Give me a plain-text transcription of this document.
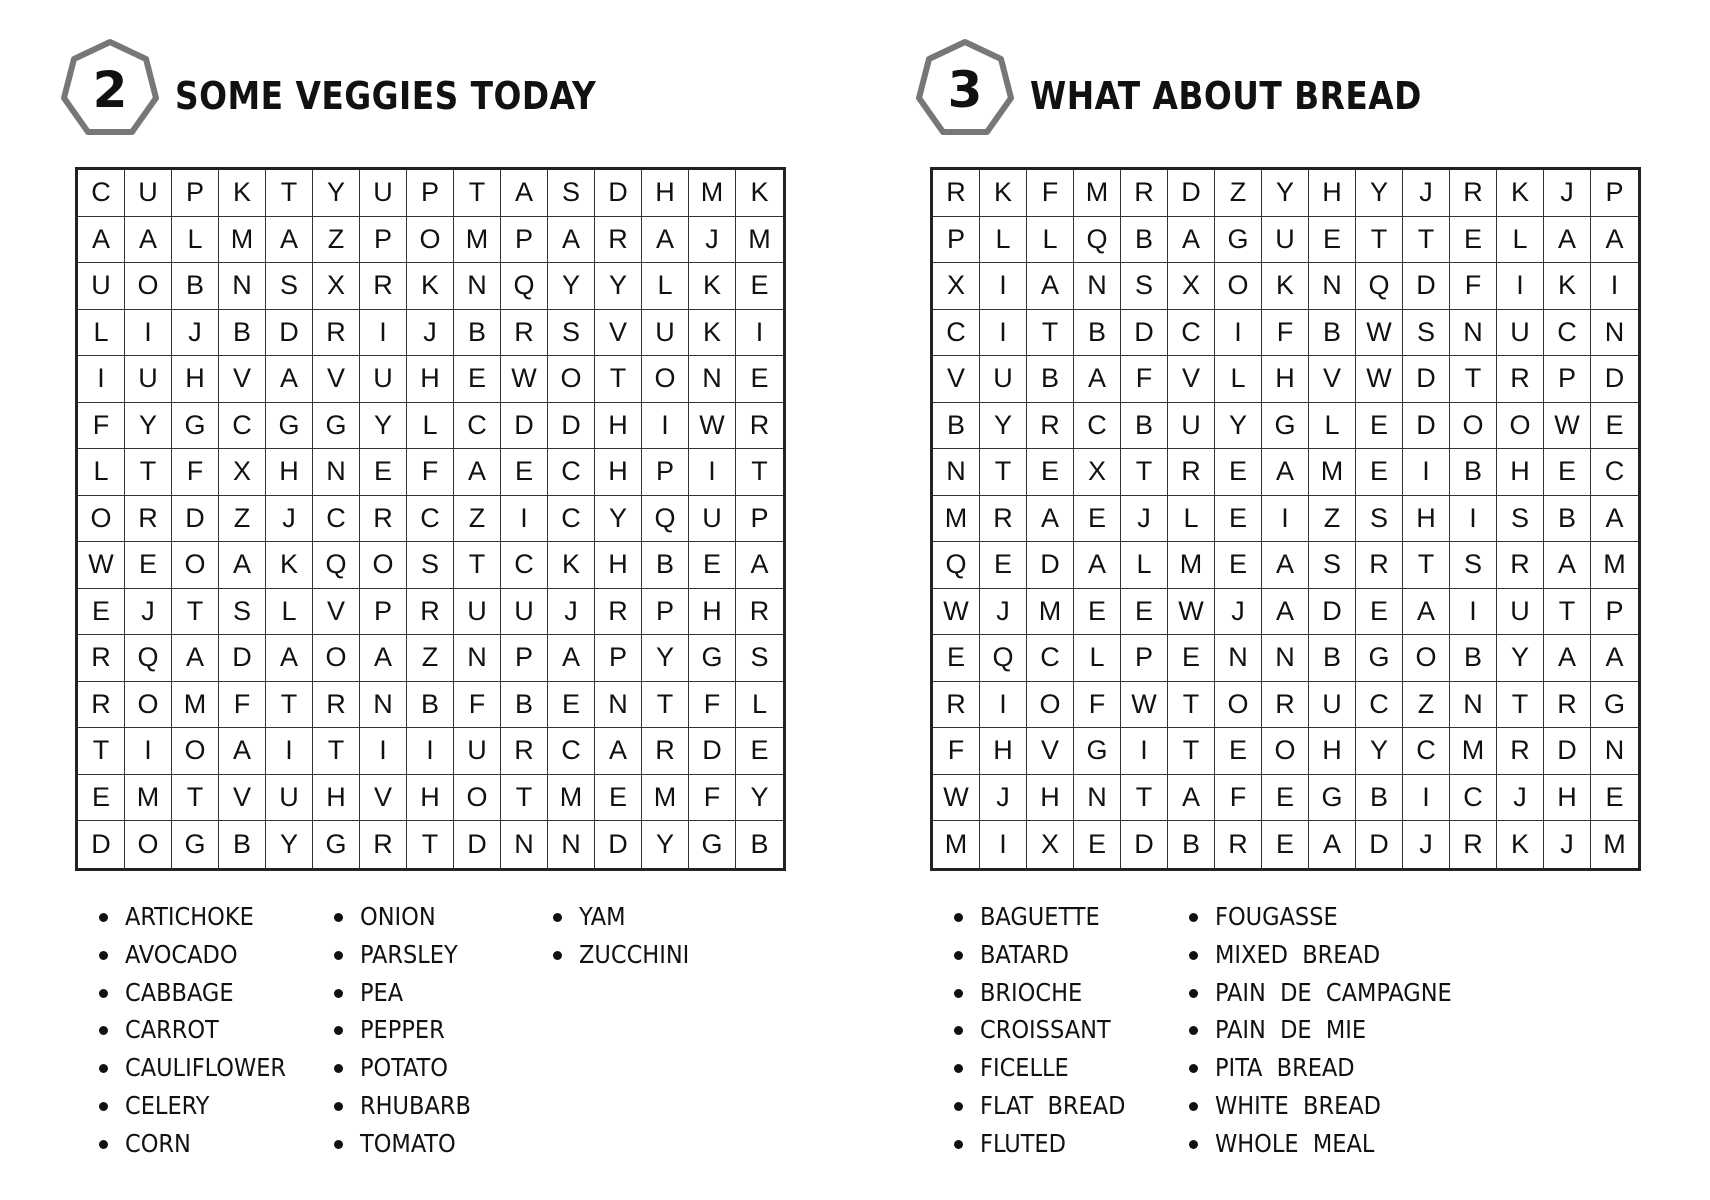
2	SOME VEGGIES TODAY
C	U	P	K	T	Y	U	P	T	A	S	D	H M	K
A	A	L	M A	Z	P	O M P	A	R	A	J	M
U O	B	N	S	X	R	K	N Q	Y	Y	L	K	E
L	I	J	B	D	R	I	J	B	R	S	V	U	K	I
I	U	H	V	A	V	U	H	E W O	T	O N	E
F	Y	G C G G	Y	L	C	D	D	H	I	W R
L	T	F	X	H	N	E	F	A	E	C	H	P	I	T
O R	D	Z	J	C	R	C	Z	I	C	Y	Q U	P
W E	O	A	K	Q O	S	T	C	K	H	B	E	A
E	J	T	S	L	V	P	R	U	U	J	R	P	H	R
R Q	A	D	A	O	A	Z	N	P	A	P	Y	G	S
R O M	F	T	R	N	B	F	B	E	N	T	F	L
T	I	O	A	I	T	I	I	U	R	C	A	R	D	E
E M	T	V	U	H	V	H O	T	M E M	F	Y
D O G	B	Y	G R	T	D	N	N	D	Y	G	B
ARTICHOKE
AVOCADO
CABBAGE
CARROT
CAULIFLOWER
CELERY
CORN
ONION
PARSLEY
PEA
PEPPER
POTATO
RHUBARB
TOMATO
YAM
ZUCCHINI
3	WHAT ABOUT BREAD
R	K	F	M R	D	Z	Y	H	Y	J	R	K	J	P
P	L	L	Q	B	A	G U	E	T	T	E	L	A	A
X	I	A	N	S	X	O	K	N Q D	F	I	K	I
C	I	T	B	D	C	I	F	B W S	N	U	C	N
V	U	B	A	F	V	L	H	V W D	T	R	P	D
B	Y	R	C	B	U	Y	G	L	E	D O O W E
N	T	E	X	T	R	E	A M E	I	B	H	E	C
M R	A	E	J	L	E	I	Z	S	H	I	S	B	A
Q	E	D	A	L	M E	A	S	R	T	S	R	A	M
W	J	M E	E W	J	A	D	E	A	I	U	T	P
E	Q C	L	P	E	N	N	B	G O	B	Y	A	A
R	I	O	F W T	O R	U	C	Z	N	T	R	G
F	H	V	G	I	T	E	O H	Y	C M R	D	N
W	J	H	N	T	A	F	E	G	B	I	C	J	H	E
M	I	X	E	D	B	R	E	A	D	J	R	K	J	M
BAGUETTE
BATARD
BRIOCHE
CROISSANT
FICELLE
FLAT  BREAD
FLUTED
FOUGASSE
MIXED  BREAD
PAIN  DE  CAMPAGNE
PAIN  DE  MIE
PITA  BREAD
WHITE  BREAD
WHOLE  MEAL
